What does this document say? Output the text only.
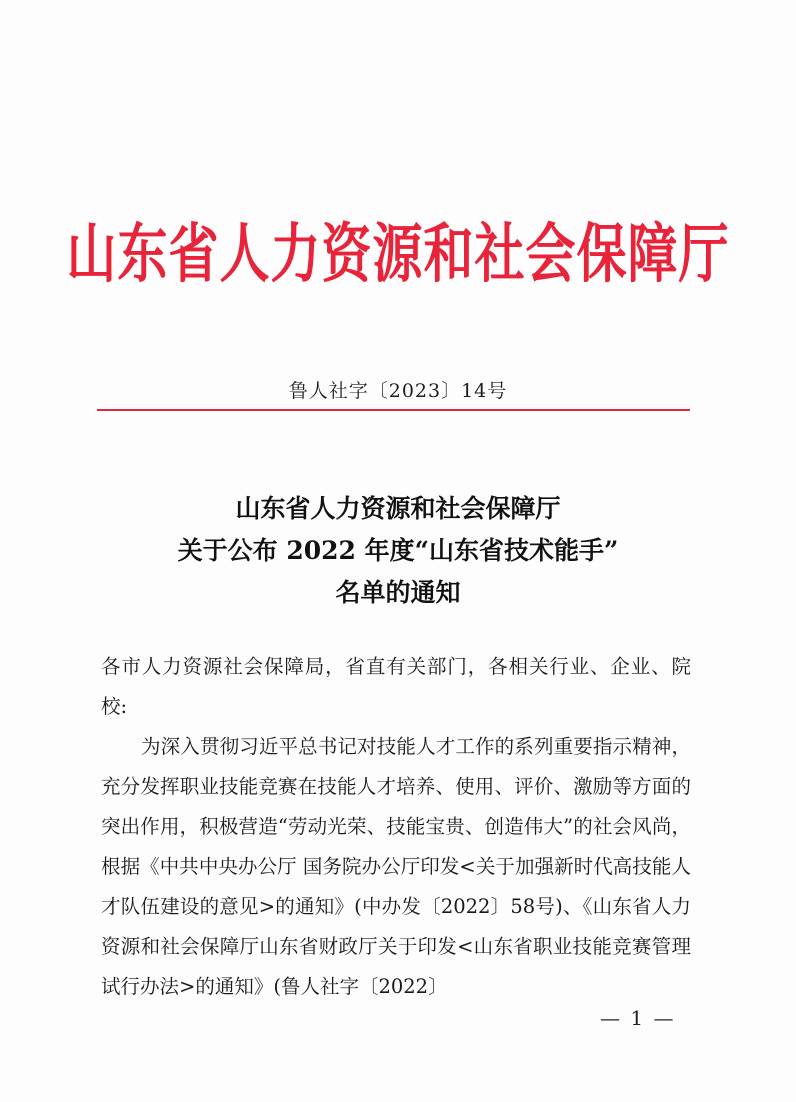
山东省人力资源和社会保障厅
鲁人社字〔2023〕14号
山东省人力资源和社会保障厅
关于公布 2022 年度“山东省技术能手”
名单的通知

各市人力资源社会保障局，省直有关部门，各相关行业、企业、院校:

为深入贯彻习近平总书记对技能人才工作的系列重要指示精神，充分发挥职业技能竞赛在技能人才培养、使用、评价、激励等方面的突出作用，积极营造“劳动光荣、技能宝贵、创造伟大”的社会风尚，根据《中共中央办公厅 国务院办公厅印发<关于加强新时代高技能人才队伍建设的意见>的通知》(中办发〔2022〕58号)、《山东省人力资源和社会保障厅山东省财政厅关于印发<山东省职业技能竞赛管理试行办法>的通知》(鲁人社字〔2022〕

— 1 —
